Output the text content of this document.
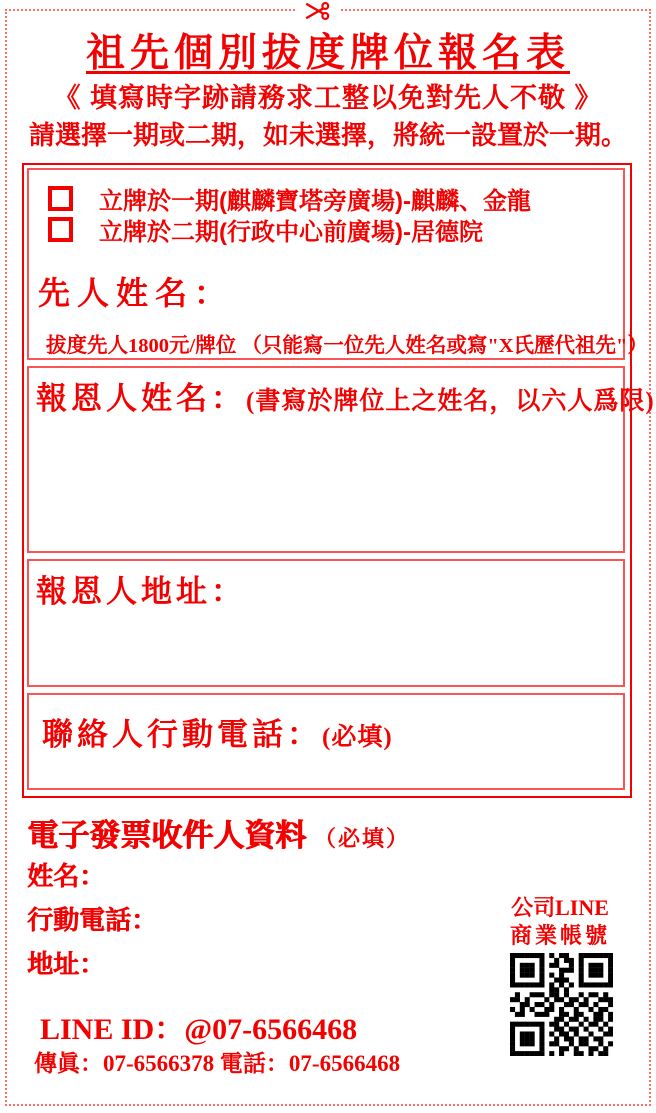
祖先個別拔度牌位報名表
《 填寫時字跡請務求工整以免對先人不敬 》
請選擇一期或二期，如未選擇，將統一設置於一期。
立牌於一期(麒麟寶塔旁廣場)-麒麟、金龍
立牌於二期(行政中心前廣場)-居德院
先人姓名：
拔度先人1800元/牌位 （只能寫一位先人姓名或寫"X氏歷代祖先"）
報恩人姓名：(書寫於牌位上之姓名，以六人爲限)
報恩人地址：
聯絡人行動電話：(必填)
電子發票收件人資料 （必填）
姓名：
行動電話：
地址：
公司LINE
商業帳號
LINE ID：@07-6566468
傳眞：07-6566378 電話：07-6566468
